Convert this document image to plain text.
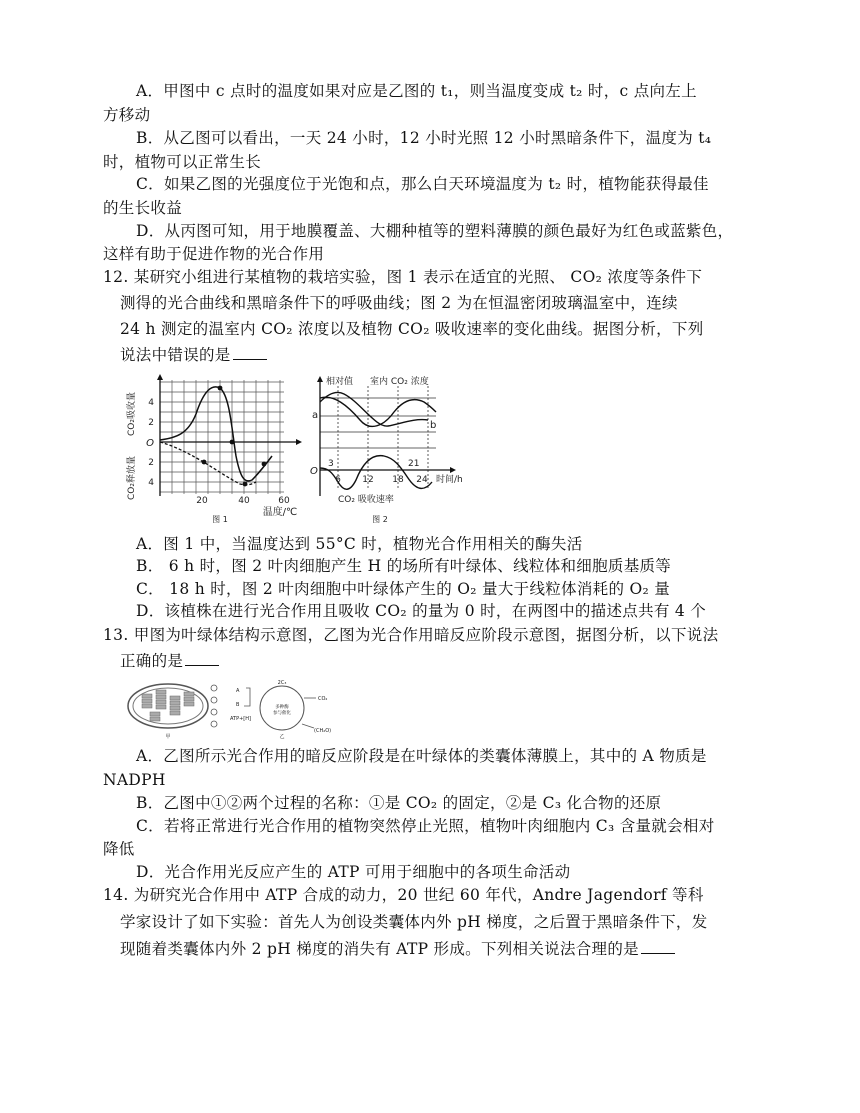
A．甲图中 c 点时的温度如果对应是乙图的 t₁，则当温度变成 t₂ 时，c 点向左上
方移动
B．从乙图可以看出，一天 24 小时，12 小时光照 12 小时黑暗条件下，温度为 t₄
时，植物可以正常生长
C．如果乙图的光强度位于光饱和点，那么白天环境温度为 t₂ 时，植物能获得最佳
的生长收益
D．从丙图可知，用于地膜覆盖、大棚种植等的塑料薄膜的颜色最好为红色或蓝紫色，
这样有助于促进作物的光合作用
12. 某研究小组进行某植物的栽培实验，图 1 表示在适宜的光照、 CO₂ 浓度等条件下
测得的光合曲线和黑暗条件下的呼吸曲线；图 2 为在恒温密闭玻璃温室中，连续
24 h 测定的温室内 CO₂ 浓度以及植物 CO₂ 吸收速率的变化曲线。据图分析，下列
说法中错误的是
CO₂吸收量
CO₂释放量
4
2
O
2
4
20	40	60
温度/℃
图 1
相对值 室内 CO₂ 浓度
a
b
O
3	21
6 12 18 24 时间/h
CO₂ 吸收速率
图 2
A．图 1 中，当温度达到 55°C 时，植物光合作用相关的酶失活
B． 6 h 时，图 2 叶肉细胞产生 H 的场所有叶绿体、线粒体和细胞质基质等
C． 18 h 时，图 2 叶肉细胞中叶绿体产生的 O₂ 量大于线粒体消耗的 O₂ 量
D．该植株在进行光合作用且吸收 CO₂ 的量为 0 时，在两图中的描述点共有 4 个
13. 甲图为叶绿体结构示意图，乙图为光合作用暗反应阶段示意图，据图分析，以下说法
正确的是
甲
A
B
ATP+[H]
2C₃
多种酶
参与催化
CO₂
(CH₂O)
乙
A．乙图所示光合作用的暗反应阶段是在叶绿体的类囊体薄膜上，其中的 A 物质是
NADPH
B．乙图中①②两个过程的名称：①是 CO₂ 的固定，②是 C₃ 化合物的还原
C．若将正常进行光合作用的植物突然停止光照，植物叶肉细胞内 C₃ 含量就会相对
降低
D．光合作用光反应产生的 ATP 可用于细胞中的各项生命活动
14. 为研究光合作用中 ATP 合成的动力，20 世纪 60 年代，Andre Jagendorf 等科
学家设计了如下实验：首先人为创设类囊体内外 pH 梯度，之后置于黑暗条件下，发
现随着类囊体内外 2 pH 梯度的消失有 ATP 形成。下列相关说法合理的是
